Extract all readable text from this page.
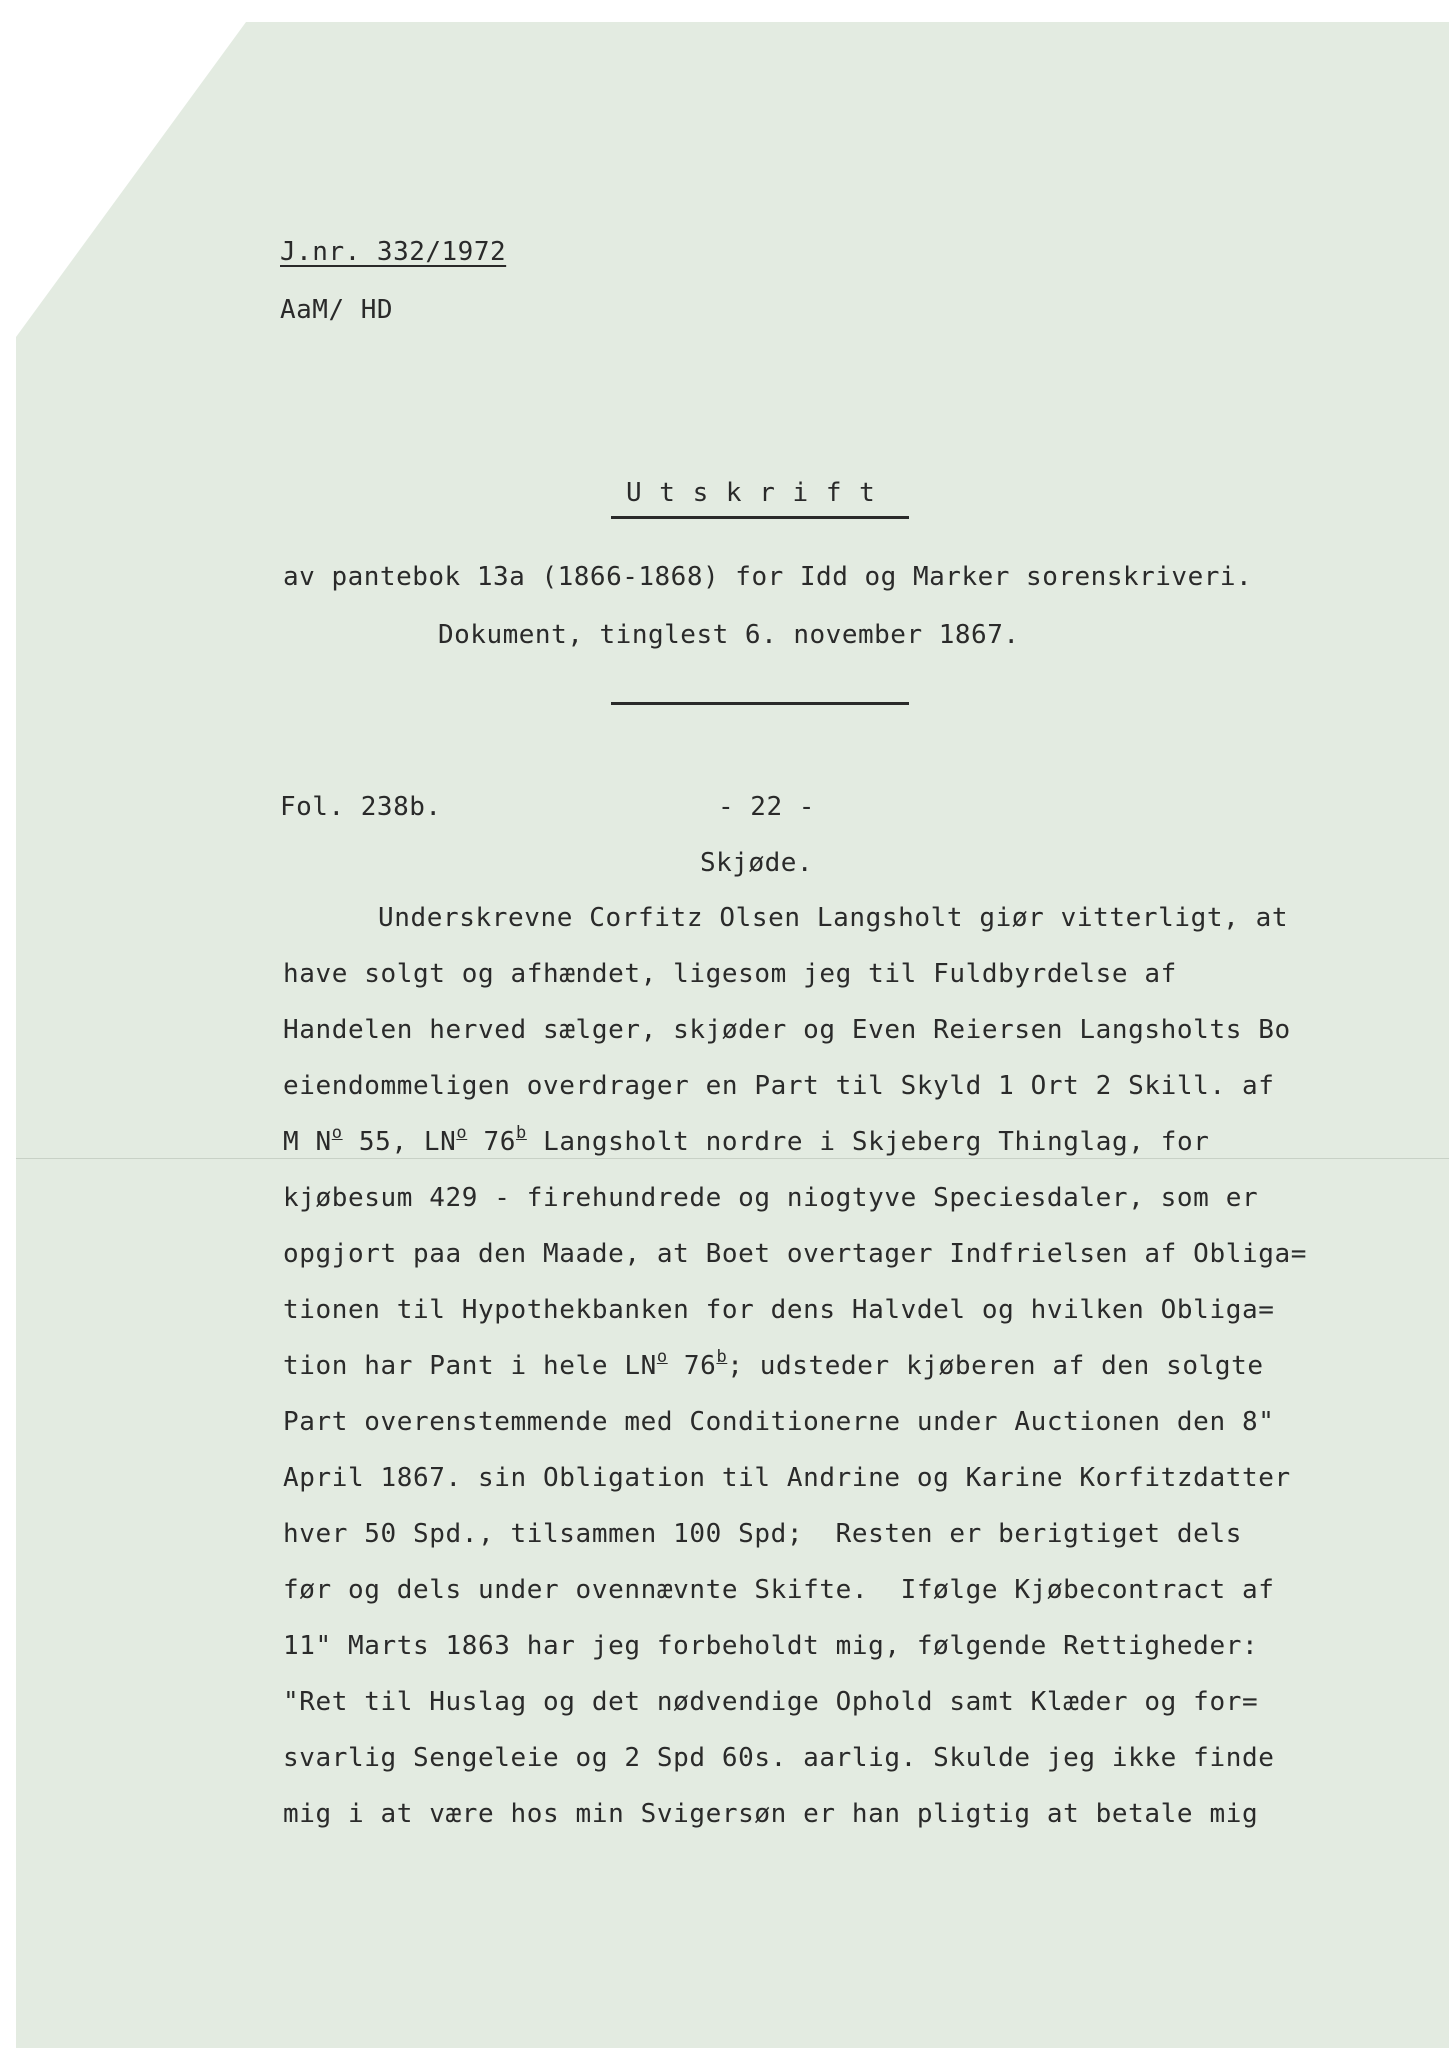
J.nr. 332/1972
AaM/ HD
U t s k r i f t
av pantebok 13a (1866-1868) for Idd og Marker sorenskriveri.
Dokument, tinglest 6. november 1867.
Fol. 238b.	- 22 -
Skjøde.
Underskrevne Corfitz Olsen Langsholt giør vitterligt, at
have solgt og afhændet, ligesom jeg til Fuldbyrdelse af
Handelen herved sælger, skjøder og Even Reiersen Langsholts Bo
eiendommeligen overdrager en Part til Skyld 1 Ort 2 Skill. af
M $N^o$ 55, $LN^o$ 76$^b$ Langsholt nordre i Skjeberg Thinglag, for
kjøbesum 429 - firehundrede og niogtyve Speciesdaler, som er
opgjort paa den Maade, at Boet overtager Indfrielsen af Obliga=
tionen til Hypothekbanken for dens Halvdel og hvilken Obliga=
tion har Pant i hele $LN^o$ 76$^b$; udsteder kjøberen af den solgte
Part overenstemmende med Conditionerne under Auctionen den 8"
April 1867. sin Obligation til Andrine og Karine Korfitzdatter
hver 50 Spd., tilsammen 100 Spd;  Resten er berigtiget dels
før og dels under ovennævnte Skifte.  Ifølge Kjøbecontract af
11" Marts 1863 har jeg forbeholdt mig, følgende Rettigheder:
"Ret til Huslag og det nødvendige Ophold samt Klæder og for=
svarlig Sengeleie og 2 Spd 60s. aarlig. Skulde jeg ikke finde
mig i at være hos min Svigersøn er han pligtig at betale mig
